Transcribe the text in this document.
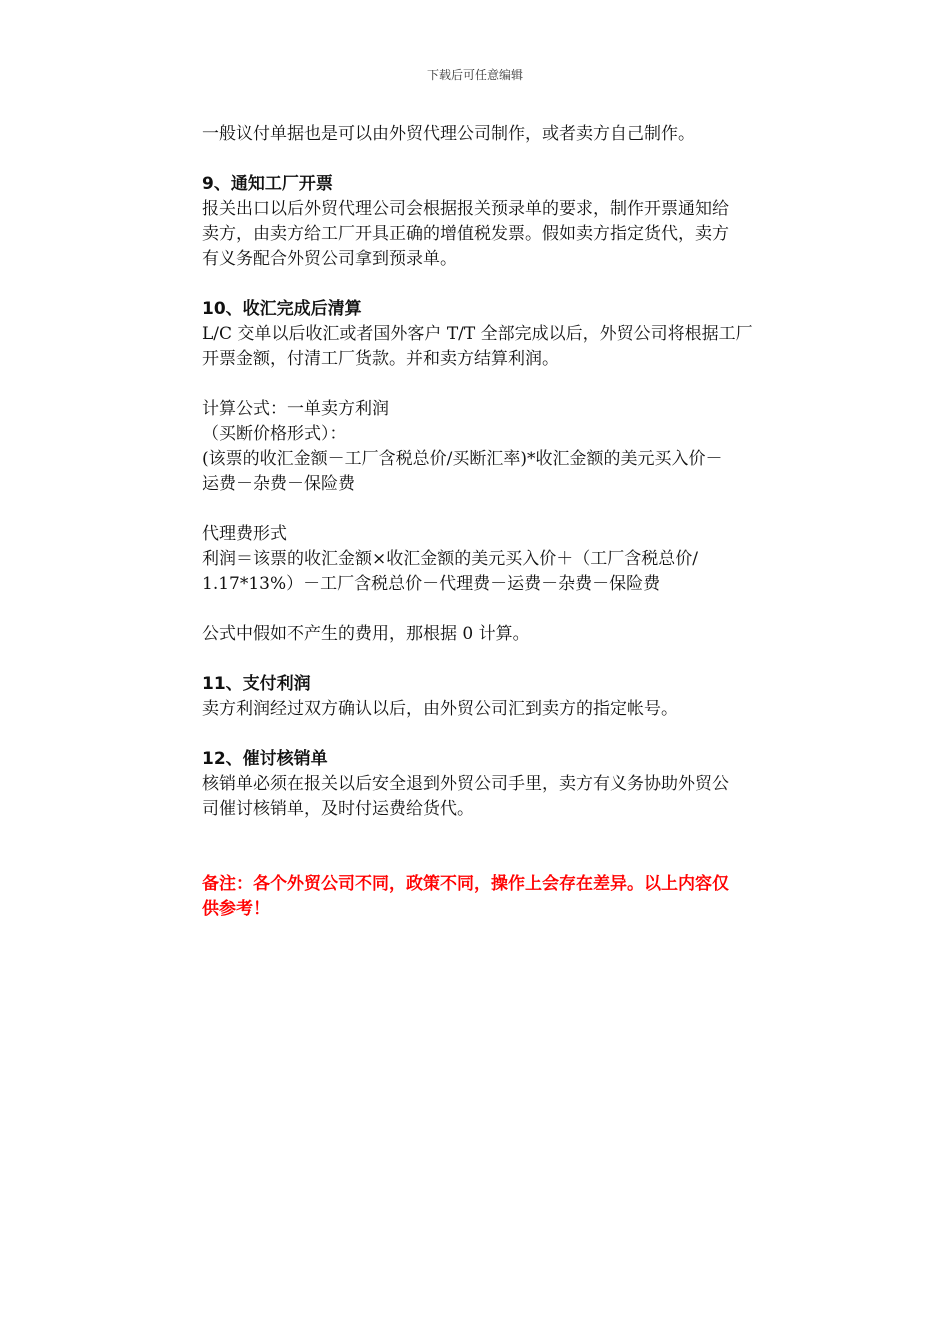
下载后可任意编辑

一般议付单据也是可以由外贸代理公司制作，或者卖方自己制作。

9、通知工厂开票

报关出口以后外贸代理公司会根据报关预录单的要求，制作开票通知给

卖方，由卖方给工厂开具正确的增值税发票。假如卖方指定货代，卖方

有义务配合外贸公司拿到预录单。

10、收汇完成后清算

L/C 交单以后收汇或者国外客户 T/T 全部完成以后，外贸公司将根据工厂

开票金额，付清工厂货款。并和卖方结算利润。

计算公式：一单卖方利润

（买断价格形式）：

(该票的收汇金额－工厂含税总价/买断汇率)*收汇金额的美元买入价－

运费－杂费－保险费

代理费形式

利润＝该票的收汇金额×收汇金额的美元买入价＋（工厂含税总价/

1.17*13%）－工厂含税总价－代理费－运费－杂费－保险费

公式中假如不产生的费用，那根据 0 计算。

11、支付利润

卖方利润经过双方确认以后，由外贸公司汇到卖方的指定帐号。

12、催讨核销单

核销单必须在报关以后安全退到外贸公司手里，卖方有义务协助外贸公

司催讨核销单，及时付运费给货代。

备注：各个外贸公司不同，政策不同，操作上会存在差异。以上内容仅

供参考！
